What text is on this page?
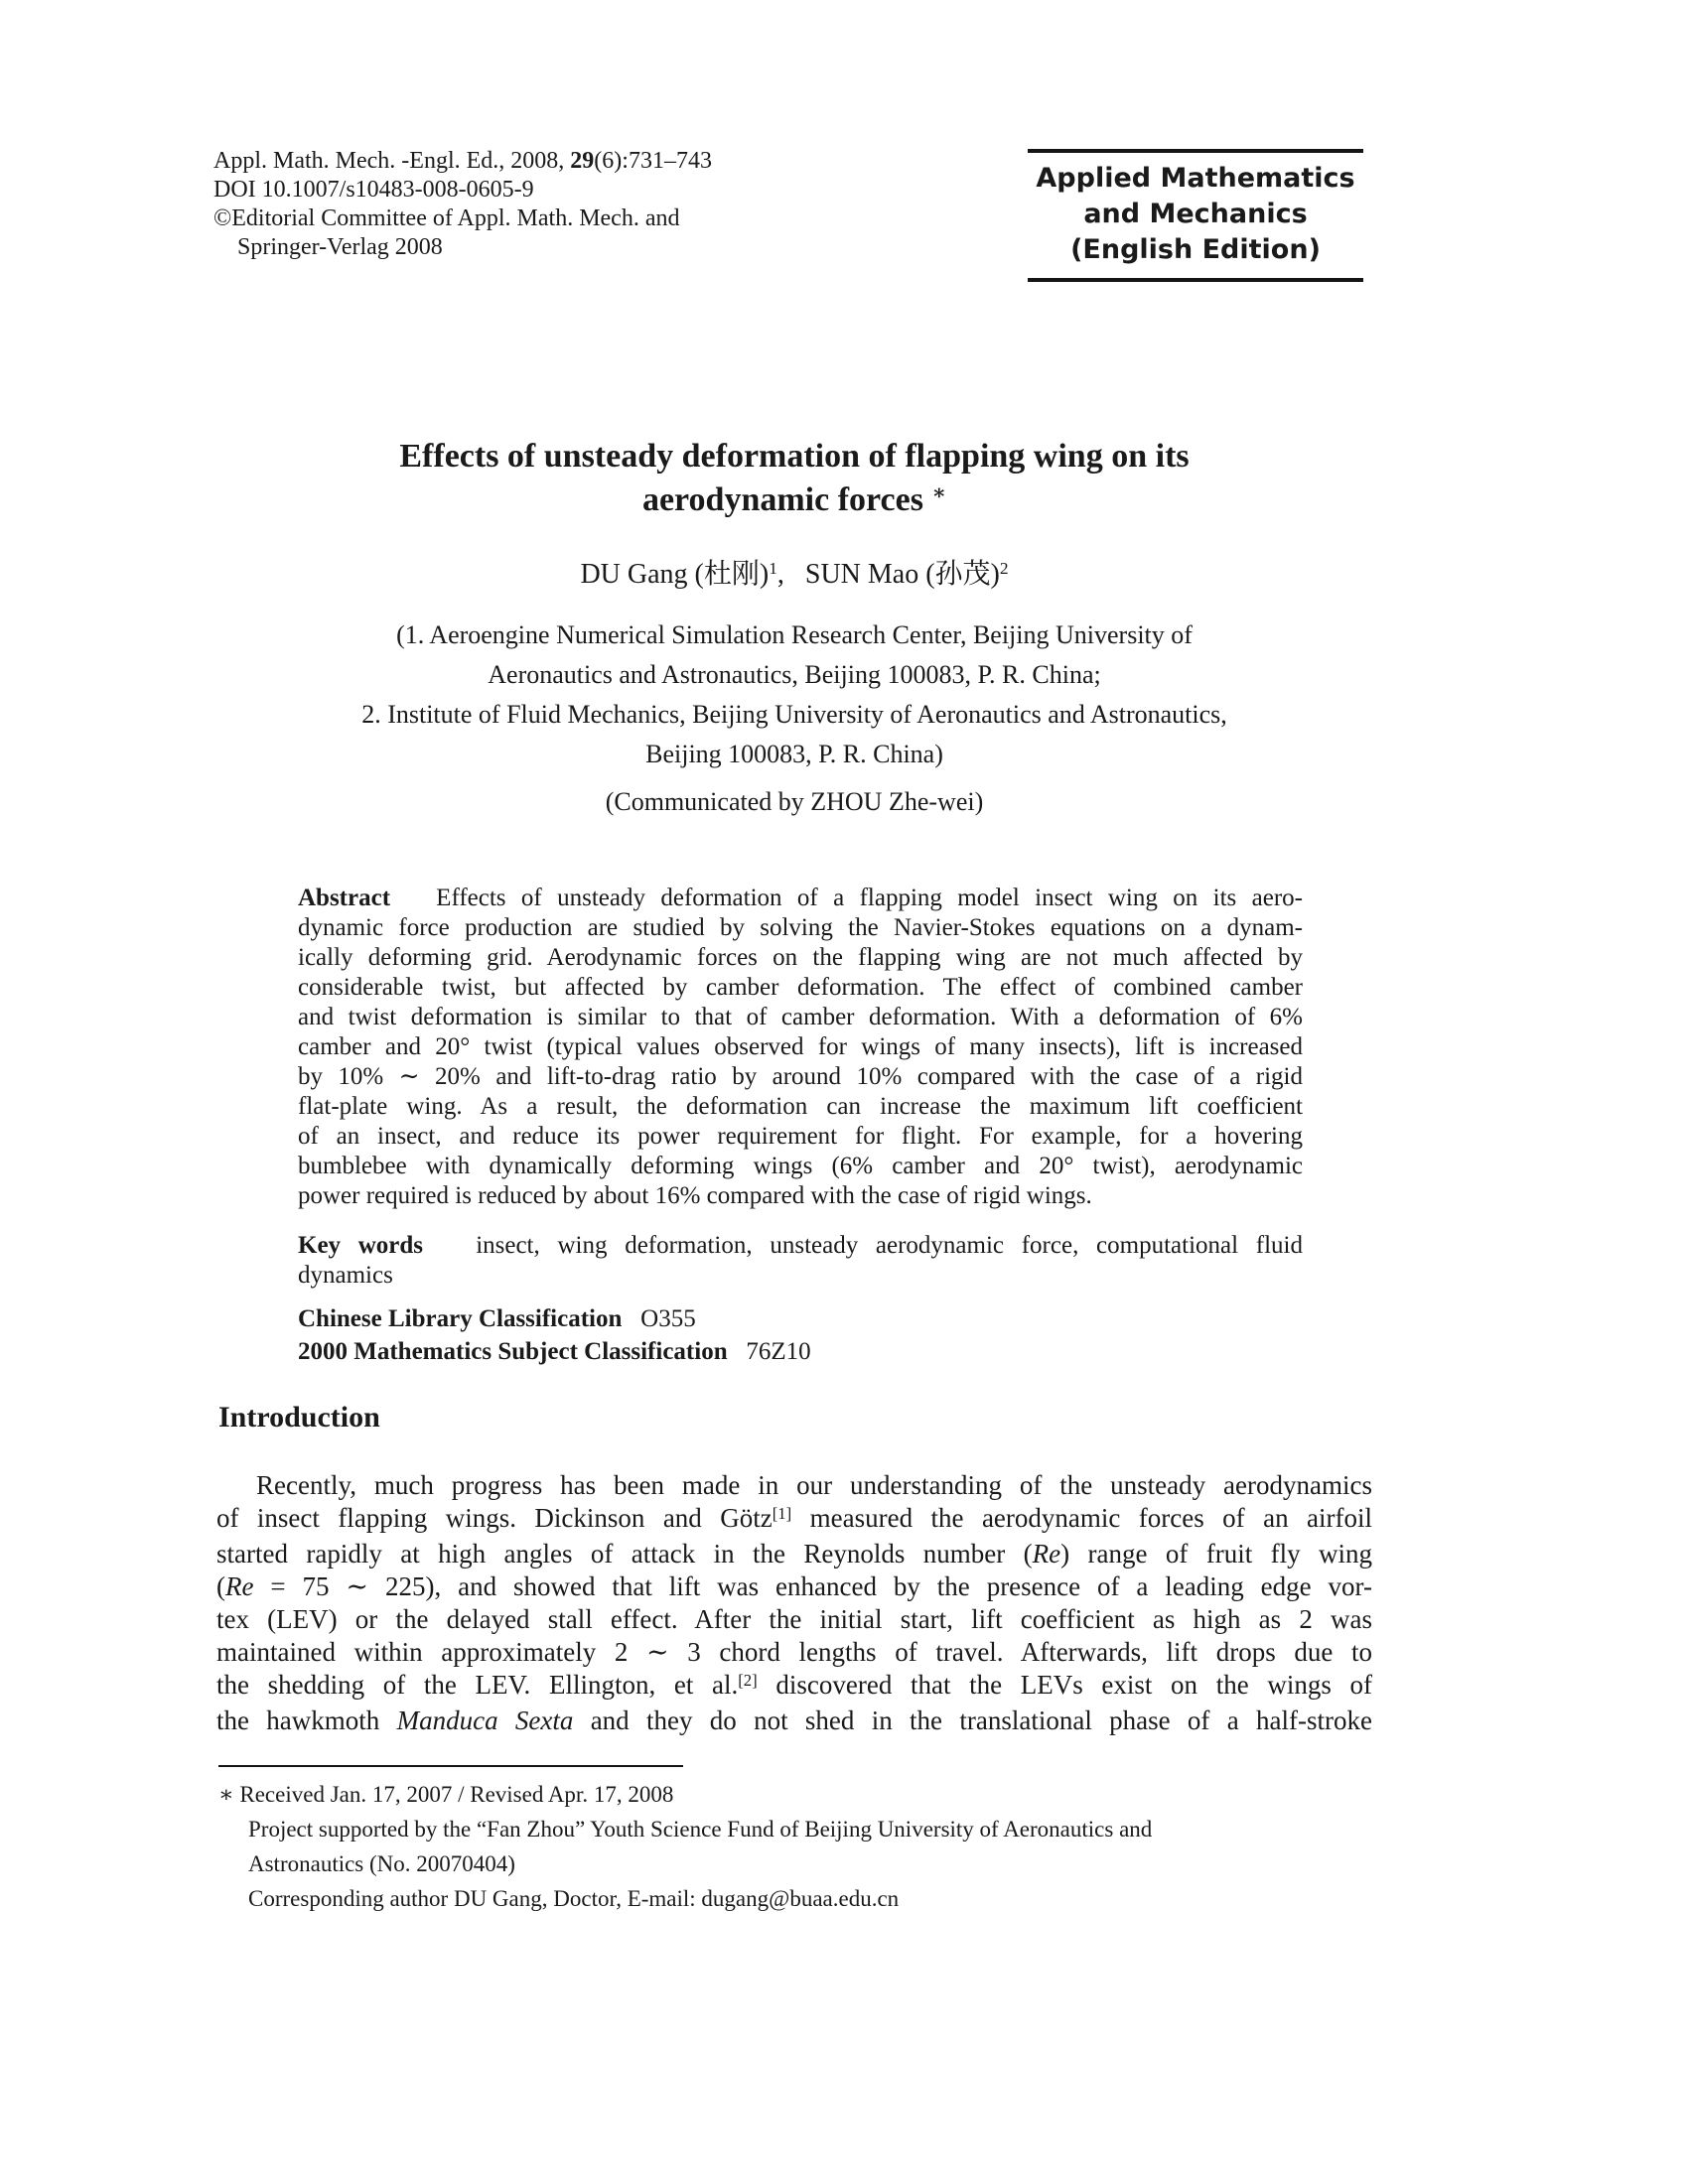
Appl. Math. Mech. -Engl. Ed., 2008, 29(6):731–743
DOI 10.1007/s10483-008-0605-9
©Editorial Committee of Appl. Math. Mech. and
Springer-Verlag 2008
Applied Mathematics
and Mechanics
(English Edition)
Effects of unsteady deformation of flapping wing on its
aerodynamic forces ∗
DU Gang (杜刚)$^1$,   SUN Mao (孙茂)$^2$
(1. Aeroengine Numerical Simulation Research Center, Beijing University of
Aeronautics and Astronautics, Beijing 100083, P. R. China;
2. Institute of Fluid Mechanics, Beijing University of Aeronautics and Astronautics,
Beijing 100083, P. R. China)
(Communicated by ZHOU Zhe-wei)
Abstract   Effects of unsteady deformation of a flapping model insect wing on its aero-
dynamic force production are studied by solving the Navier-Stokes equations on a dynam-
ically deforming grid. Aerodynamic forces on the flapping wing are not much affected by
considerable twist, but affected by camber deformation. The effect of combined camber
and twist deformation is similar to that of camber deformation. With a deformation of 6%
camber and 20° twist (typical values observed for wings of many insects), lift is increased
by 10% ∼ 20% and lift-to-drag ratio by around 10% compared with the case of a rigid
flat-plate wing. As a result, the deformation can increase the maximum lift coefficient
of an insect, and reduce its power requirement for flight. For example, for a hovering
bumblebee with dynamically deforming wings (6% camber and 20° twist), aerodynamic
power required is reduced by about 16% compared with the case of rigid wings.
Key words   insect, wing deformation, unsteady aerodynamic force, computational fluid
dynamics
Chinese Library Classification   O355
2000 Mathematics Subject Classification   76Z10
Introduction
Recently, much progress has been made in our understanding of the unsteady aerodynamics
of insect flapping wings. Dickinson and Götz[1] measured the aerodynamic forces of an airfoil
started rapidly at high angles of attack in the Reynolds number (Re) range of fruit fly wing
(Re = 75 ∼ 225), and showed that lift was enhanced by the presence of a leading edge vor-
tex (LEV) or the delayed stall effect. After the initial start, lift coefficient as high as 2 was
maintained within approximately 2 ∼ 3 chord lengths of travel. Afterwards, lift drops due to
the shedding of the LEV. Ellington, et al.[2] discovered that the LEVs exist on the wings of
the hawkmoth Manduca Sexta and they do not shed in the translational phase of a half-stroke
∗ Received Jan. 17, 2007 / Revised Apr. 17, 2008
Project supported by the “Fan Zhou” Youth Science Fund of Beijing University of Aeronautics and
Astronautics (No. 20070404)
Corresponding author DU Gang, Doctor, E-mail: dugang@buaa.edu.cn
